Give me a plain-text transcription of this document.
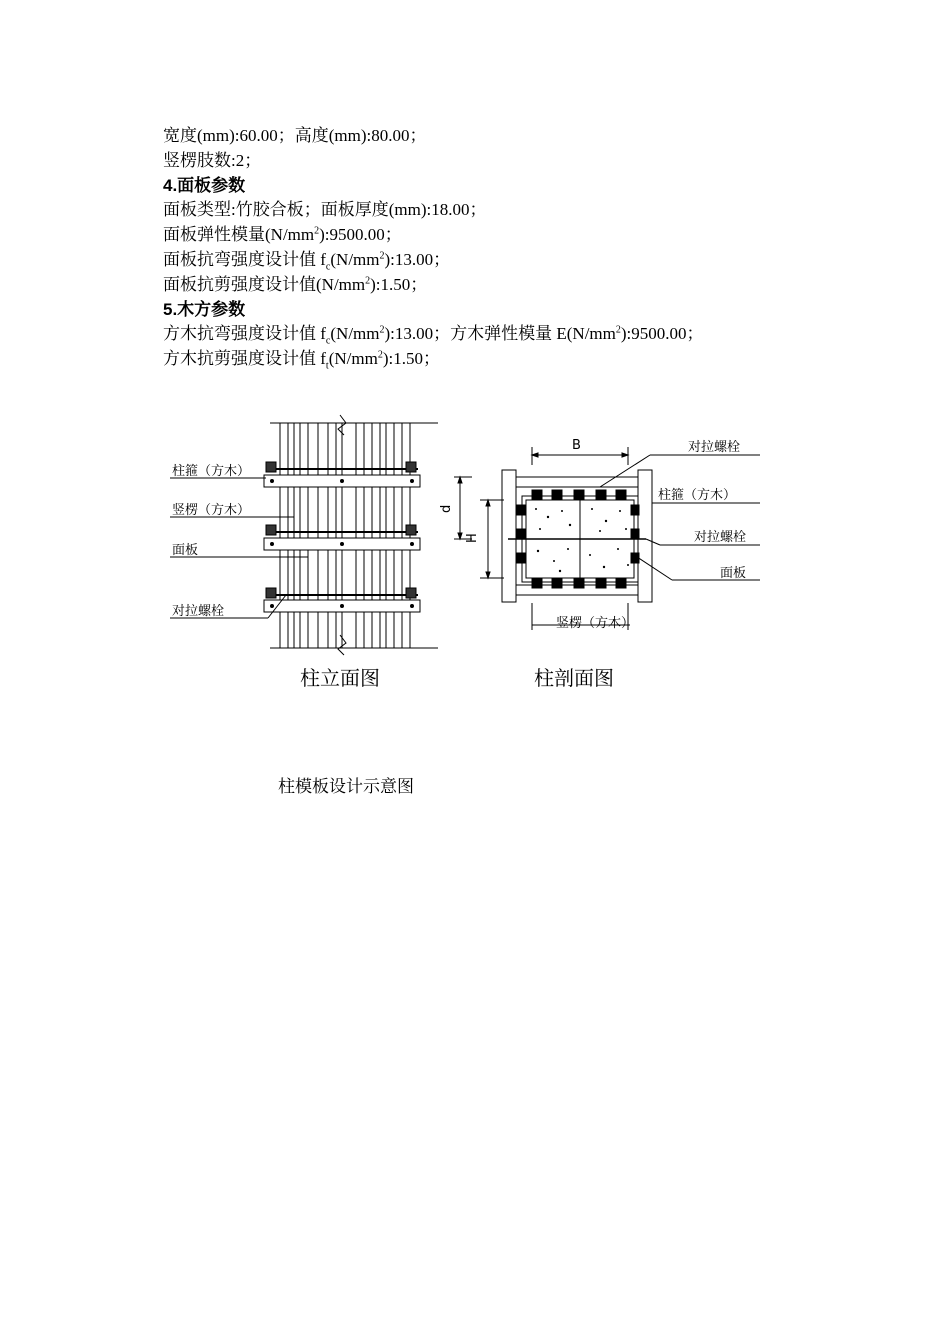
宽度(mm):60.00；高度(mm):80.00；
竖楞肢数:2；
4.面板参数
面板类型:竹胶合板；面板厚度(mm):18.00；
面板弹性模量$(N/mm^2):9500.00$；
面板抗弯强度设计值 $f_c(N/mm^2):13.00$；
面板抗剪强度设计值$(N/mm^2):1.50$；
5.木方参数
方木抗弯强度设计值 $f_c(N/mm^2):13.00$；方木弹性模量 $E(N/mm^2):9500.00$；
方木抗剪强度设计值 $f_t(N/mm^2):1.50$；
柱箍（方木）
竖楞（方木）
面板
对拉螺栓
柱立面图
B
d
H
对拉螺栓
柱箍（方木）
对拉螺栓
面板
竖楞（方木）
柱剖面图
柱模板设计示意图
